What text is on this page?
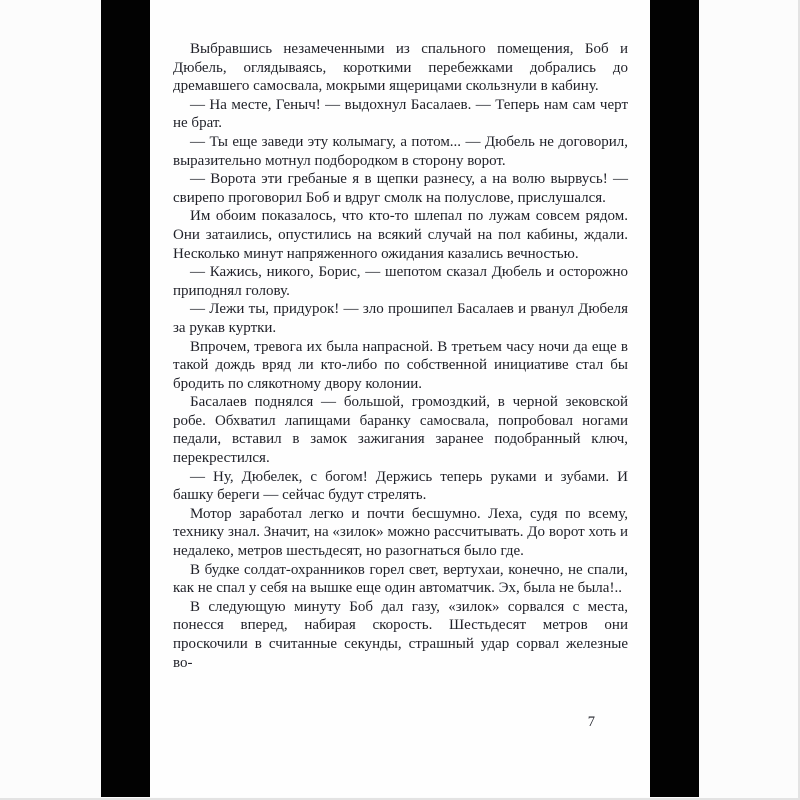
Выбравшись незамеченными из спального помещения, Боб и Дюбель, оглядываясь, короткими перебежками добрались до дремавшего самосвала, мокрыми ящерицами скользнули в кабину.

— На месте, Геныч! — выдохнул Басалаев. — Теперь нам сам черт не брат.

— Ты еще заведи эту колымагу, а потом... — Дюбель не договорил, выразительно мотнул подбородком в сторону ворот.

— Ворота эти гребаные я в щепки разнесу, а на волю вырвусь! — свирепо проговорил Боб и вдруг смолк на полуслове, прислушался.

Им обоим показалось, что кто-то шлепал по лужам совсем рядом. Они затаились, опустились на всякий случай на пол кабины, ждали. Несколько минут напряженного ожидания казались вечностью.

— Кажись, никого, Борис, — шепотом сказал Дюбель и осторожно приподнял голову.

— Лежи ты, придурок! — зло прошипел Басалаев и рванул Дюбеля за рукав куртки.

Впрочем, тревога их была напрасной. В третьем часу ночи да еще в такой дождь вряд ли кто-либо по собственной инициативе стал бы бродить по слякотному двору колонии.

Басалаев поднялся — большой, громоздкий, в черной зековской робе. Обхватил лапищами баранку самосвала, попробовал ногами педали, вставил в замок зажигания заранее подобранный ключ, перекрестился.

— Ну, Дюбелек, с богом! Держись теперь руками и зубами. И башку береги — сейчас будут стрелять.

Мотор заработал легко и почти бесшумно. Леха, судя по всему, технику знал. Значит, на «зилок» можно рассчитывать. До ворот хоть и недалеко, метров шестьдесят, но разогнаться было где.

В будке солдат-охранников горел свет, вертухаи, конечно, не спали, как не спал у себя на вышке еще один автоматчик. Эх, была не была!..

В следующую минуту Боб дал газу, «зилок» сорвался с места, понесся вперед, набирая скорость. Шестьдесят метров они проскочили в считанные секунды, страшный удар сорвал железные во-

7
